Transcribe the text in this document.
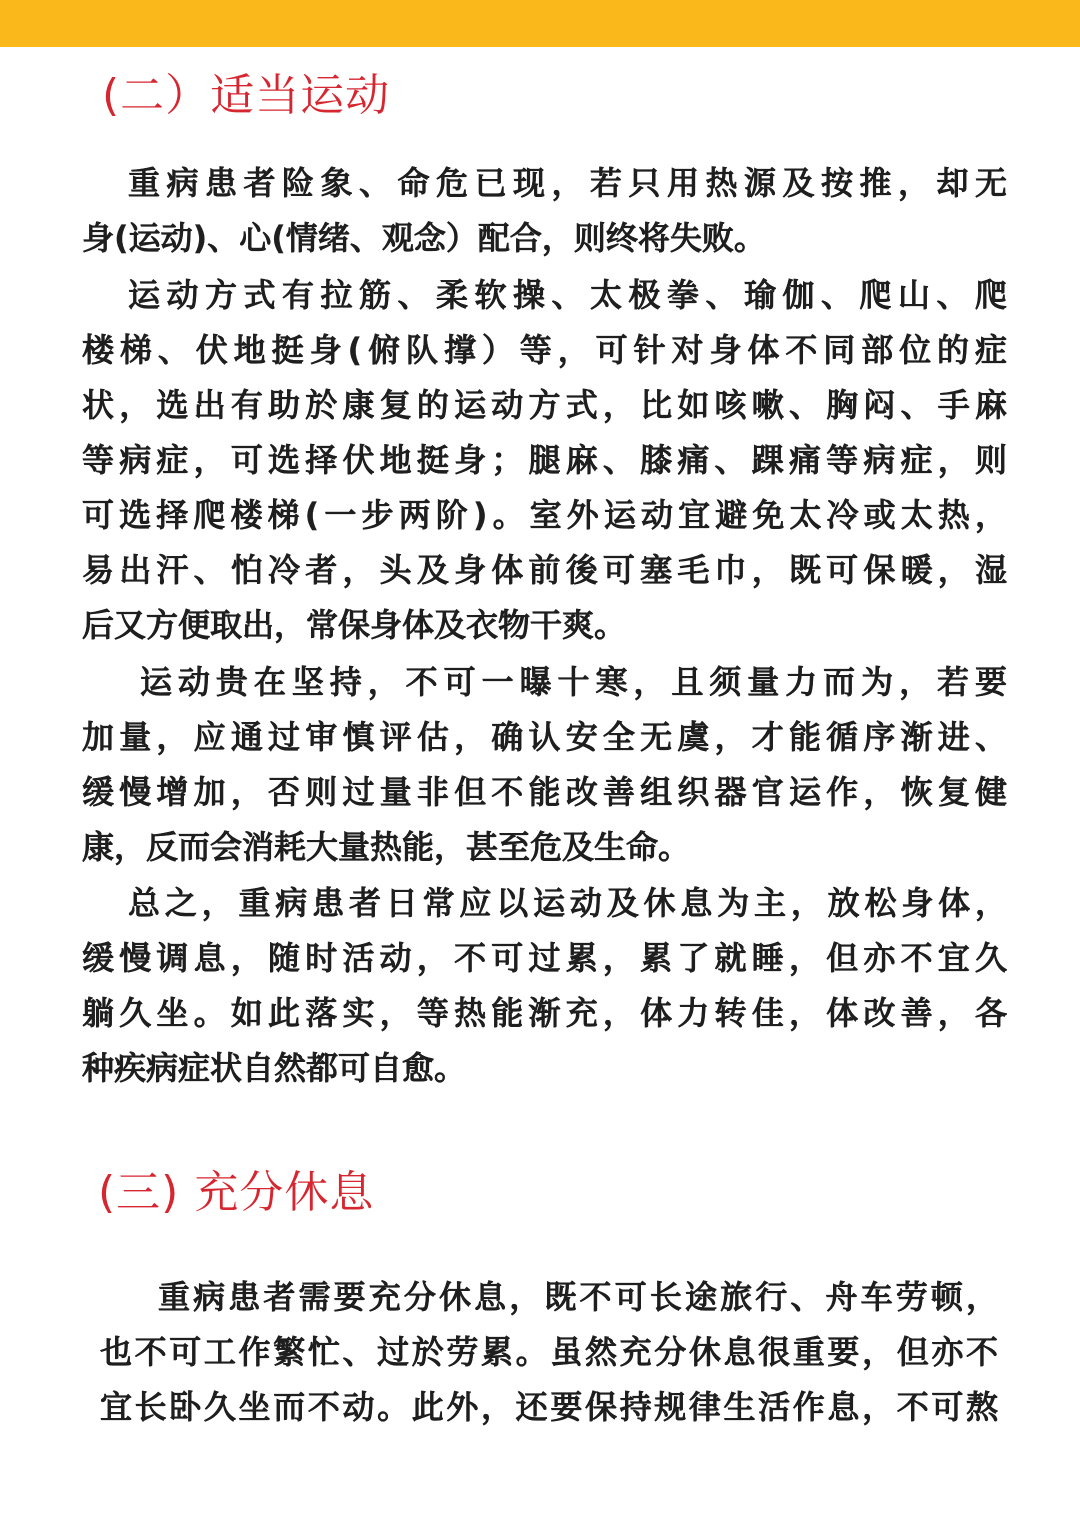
(二）适当运动
重病患者险象、命危已现，若只用热源及按推，却无
身(运动)、心(情绪、观念）配合，则终将失败。
运动方式有拉筋、柔软操、太极拳、瑜伽、爬山、爬
楼梯、伏地挺身(俯队撑）等，可针对身体不同部位的症
状，选出有助於康复的运动方式，比如咳嗽、胸闷、手麻
等病症，可选择伏地挺身；腿麻、膝痛、踝痛等病症，则
可选择爬楼梯(一步两阶)。室外运动宜避免太冷或太热，
易出汗、怕冷者，头及身体前後可塞毛巾，既可保暖，湿
后又方便取出，常保身体及衣物干爽。
运动贵在坚持，不可一曝十寒，且须量力而为，若要
加量，应通过审慎评估，确认安全无虞，才能循序渐进、
缓慢增加，否则过量非但不能改善组织器官运作，恢复健
康，反而会消耗大量热能，甚至危及生命。
总之，重病患者日常应以运动及休息为主，放松身体，
缓慢调息，随时活动，不可过累，累了就睡，但亦不宜久
躺久坐。如此落实，等热能渐充，体力转佳，体改善，各
种疾病症状自然都可自愈。
(三) 充分休息
重病患者需要充分休息，既不可长途旅行、舟车劳顿，
也不可工作繁忙、过於劳累。虽然充分休息很重要，但亦不
宜长卧久坐而不动。此外，还要保持规律生活作息，不可熬
